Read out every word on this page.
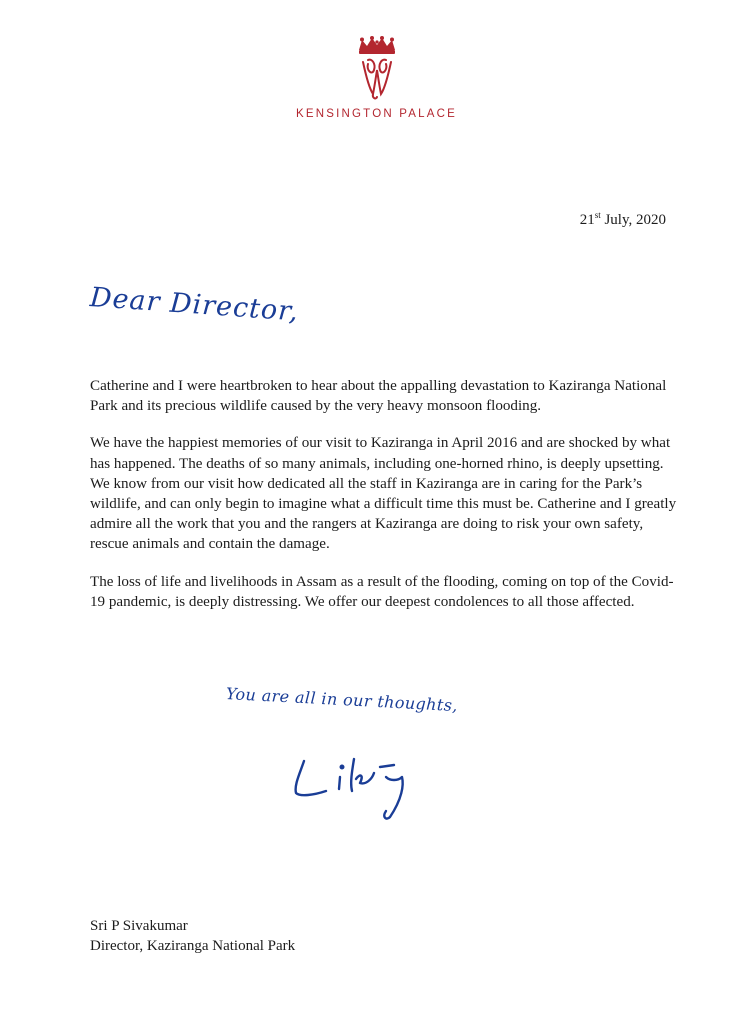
KENSINGTON PALACE
21st July, 2020
Dear Director,

Catherine and I were heartbroken to hear about the appalling devastation to Kaziranga National Park and its precious wildlife caused by the very heavy monsoon flooding.

We have the happiest memories of our visit to Kaziranga in April 2016 and are shocked by what has happened. The deaths of so many animals, including one-horned rhino, is deeply upsetting. We know from our visit how dedicated all the staff in Kaziranga are in caring for the Park’s wildlife, and can only begin to imagine what a difficult time this must be. Catherine and I greatly admire all the work that you and the rangers at Kaziranga are doing to risk your own safety, rescue animals and contain the damage.

The loss of life and livelihoods in Assam as a result of the flooding, coming on top of the Covid-19 pandemic, is deeply distressing. We offer our deepest condolences to all those affected.

You are all in our thoughts,
Sri P Sivakumar
Director, Kaziranga National Park
